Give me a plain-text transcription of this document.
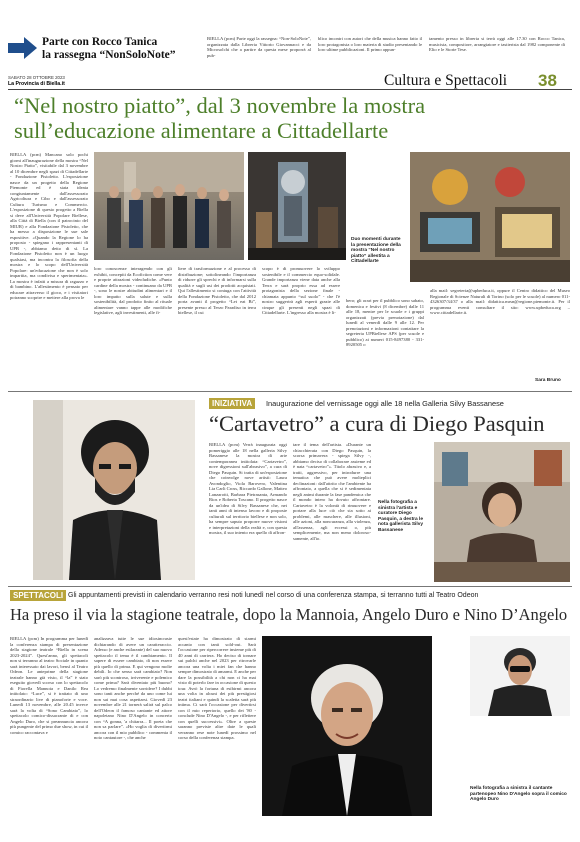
Parte con Rocco Tanica
la rassegna “NonSoloNote”
BIELLA (pcm) Parte oggi la rassegna: “Non-SoloNote”, organizzata dalla Libreria Vittorio Giovannacci e da Microsolchi che a partire da questa mese proporrà al pub-
blico incontri con autori che della musica hanno fatto il loro protagonista o loro materia di studio presentando le loro ultime pubblicazioni. Il primo appun-
tamento presso in libreria si terrà oggi alle 17.30 con Rocco Tanica, musicista, compositore, arrangiatore e tastierista dal 1982 componente di Elio e le Storie Tese.
SABATO 28 OTTOBRE 2023
La Provincia di Biella.it	Cultura e Spettacoli 38
“Nel nostro piatto”, dal 3 novembre la mostra
sull’educazione alimentare a Cittadellarte
BIELLA (pcm) Mancano solo pochi giorni all'inaugurazione della mostra “Nel Nostro Piatto”, visitabile dal 3 novembre al 10 dicembre negli spazi di Cittadellarte - Fondazione Pistoletto. L'esposizione nasce da un progetto della Regione Piemonte ed è stata ideata congiuntamente dall'assessorato Agricoltura e Cibo e dall'assessorato Cultura Turismo e Commercio. L'esposizione di questo progetto a Biella si deve all'Università Popolare Biellese, alla Città di Biella (con il patrocinio del MIUR) e alla Fondazione Pistoletto, che ha messo a disposizione le sue sale espositive. «Quando la Regione lo ha proposto - spiegano i rappresentanti di UPB -, abbiamo detto di sì. La Fondazione Pistoletto non è un luogo qualsiasi, ma incontra la filosofia della mostra e lo scopo dell'Università Popolare: un'educazione che non è solo impartita, ma condivisa e sperimentata». La mostra è infatti a misura di ragazzo e di bambino. L'allestimento è pensato per educare attraverso il gioco, e i visitatori potranno scoprire e mettere alla prova le
Duo momenti durante la presentazione della mostra “Nel nostro piatto” allestita a Cittadellarte
loro conoscenze interagendo con gli exhibit, concepiti da Ecofiction come vere e proprie attrazioni videoludiche. «Punto cardine della mostra - continuano da UPB -, sono le nostre abitudini alimentari e il loro impatto sulla salute e sulla sostenibilità, dal prodotto finito al rituale alimentare vanno tappe alle modifiche legislative, agli investimenti, alle fi-
liere di trasformazione e al processo di distribuzione; sottolineando l'importanza di ridurre gli sprechi e di informarsi sulla qualità e sugli usi dei prodotti acquistati. Qui l'allestimento si coniuga con l'attività della Fondazione Pistoletto, che dal 2012 porta avanti il progetto “Let eat Bi”, presente presso al Terzo Paradiso in terra biellese, il cui
scopo è di promuovere lo sviluppo sostenibile e il commercio equo-solidale. Grande importanza viene data anche alla Terra e sarà proprio essa ad essere protagonista della sezione finale - chiamata appunto “sul suolo” - che l'è nostro suggerirà agli esperti grazie alle cinque gli presenti negli spazi di Cittadellarte. L'ingresso alla mostra è li-
bero; gli orari per il pubblico sono sabato, domenica e festivi (8 dicembre) dalle 11 alle 18, mentre per le scuole e i gruppi organizzati (previa prenotazione) dal lunedì al venerdì dalle 9 alle 12. Per prenotazioni e informazioni contattare la segreteria UPBiellese APS (per scuole e pubblico) ai numeri 015-8497380 - 331-8920505 o
alla mail: segreteria@upbeduca.it, oppure il Centro didattico del Museo Regionale di Scienze Naturali di Torino (solo per le scuole) al numero 011-4326307/34/37 o alla mail: didattica.mrsn@regione.piemonte.it. Per il programma eventi consultare il sito: www.upbeduca.org – www.cittadellarte.it.
Sara Bruno
INIZIATIVA	Inaugurazione del vernissage oggi alle 18 nella Galleria Silvy Bassanese
“Cartavetro” a cura di Diego Pasquin
BIELLA (pcm) Verrà inaugurata oggi pomeriggio alle 18 nella galleria Silvy Bassanese la mostra di arte contemporanea intitolata: “Cartavetro”, nove digressioni sull'abrasivo”, a cura di Diego Pasquin. Si tratta di un'esposizione che coinvolge nove artisti: Laura Avondoglio, Viola Barovero, Valentina Lia Carli Cross, Riccardo Gallone, Matteo Lanzarotti, Barbara Pietrasanta, Armando Rios e Roberta Toscano. Il progetto nasce da un'idea di Silvy Bassanese che, nei tanti anni di intenso lavoro e di proposte culturali sul territorio biellese e non solo, ha sempre saputo proporre nuove visioni e interpretazioni della realtà e, con questa mostra, il suo intento era quello di affron-
tare il tema dell'artista. «Durante un chiacchierata con Diego Pasquin, la scorsa primavera - spiega Silvy -, abbiamo deciso di collaborare assieme ed è nata “cartavetro”». Titolo abrasivo e, a tratti, aggressivo, per introdurre una tematica che può avere molteplici declinazioni: dall'attrito che l'ambiente ha affrontato, a quella che si è sedimentata negli animi durante la fase pandemica che il mondo intero ha dovuto affrontare. Cartavetro è la volontà di rimuovere e portare alla luce ciò che sta sotto ai problemi, alle maschere, alle illusioni, alle azioni, alla noncuranza, alla violenza, all'assenza, agli eccessi o, più semplicemente, ma non meno doloroso-samente, all'io.
Nella fotografia a sinistra l'artista e curatore Diego Pasquin, a destra le nota gallerista Silvy Bassanese
SPETTACOLI Gli appuntamenti previsti in calendario verranno resi noti lunedì nel corso di una conferenza stampa, si terranno tutti al Teatro Odeon
Ha preso il via la stagione teatrale, dopo la Mannoia, Angelo Duro e Nino D’Angelo
BIELLA (pcm) In programma per lunedì la conferenza stampa di presentazione della stagione teatrale “Biella in scena 2023-2024”. Quest'anno, gli spettacoli non si terranno al teatro Sociale in quanto sarà interessato dai lavori, bensì al Teatro Odeon. Le anteprime della stagione teatrale hanno già visto, il “la” è stato eseguito giovedì scorso con lo spettacolo di Fiorella Mannoia e Danilo Rea intitolato: “Luce”, si è trattato di uno straordinario live di pianoforte e voce. Lunedì 13 novembre, alle 20.45 invece sarà la volta di “Sono Cambiato”, lo spettacolo comico-dissacrante di e con Angelo Duro, che si preannuncia ancora più pungente del primo due show, in cui il comico raccontava e
analizzava tutte le sue idiosincrasie dichiarando di avere un caratteraccio. Adesso (e anche esilarante) del suo nuovo spettacolo il tema è il cambiamento. Il sapere di essere cambiato, di non essere più quello di prima. E qui vengono molte debili. Io che senso sarà cambiato? Non sarò più scontroso, irriverente e polemico come prima? Sarà diventato più buono? Lo vedremo finalmente sorridere? I dubbi sono tanti anche perché da uno come lui non sai mai cosa aspettarsi. Giovedì 23 novembre alle 21 tornerà salirà sul palco dell'Odeon il famoso cantante ed attore napoletano Nino D'Angelo in concerto con “A gonna, 'a chitarra... Il poeta che non sa parlare”. «Ho voglia di divertirmi ancora con il mio pubblico - commenta il noto cantautore -, che anche
quest'estate ha dimostrato di starmi accanto con tanti sold-out. Sarà l'occasione per ripercorrere insieme più di 40 anni di carriera. Ho deciso di tornare sui palchi anche nel 2023 per ritrovarle ancora una volta i miei fan che hanno sempre dimostrato di amarmi. E anche per dare la possibilità a chi non ci ha mai visto di poterlo fare in occasione di questo tour. Avrò la fortuna di esibirmi ancora una volta in alcuni dei più prestigiosi teatri italiani e quindi la scaletta sarà più intima. Ci sarà l'occasione per divertirsi con il mio repertorio, quello dei '80 - conclude Nino D'Angelo -, e per riflettere con quelli successivi». Oltre a queste saranno previste altre date le quali verranno rese note lunedì prossimo nel corso della conferenza stampa.
Nella fotografia a sinistra il cantante partenopeo Nino D'Angelo sopra il comico Angelo Duro
